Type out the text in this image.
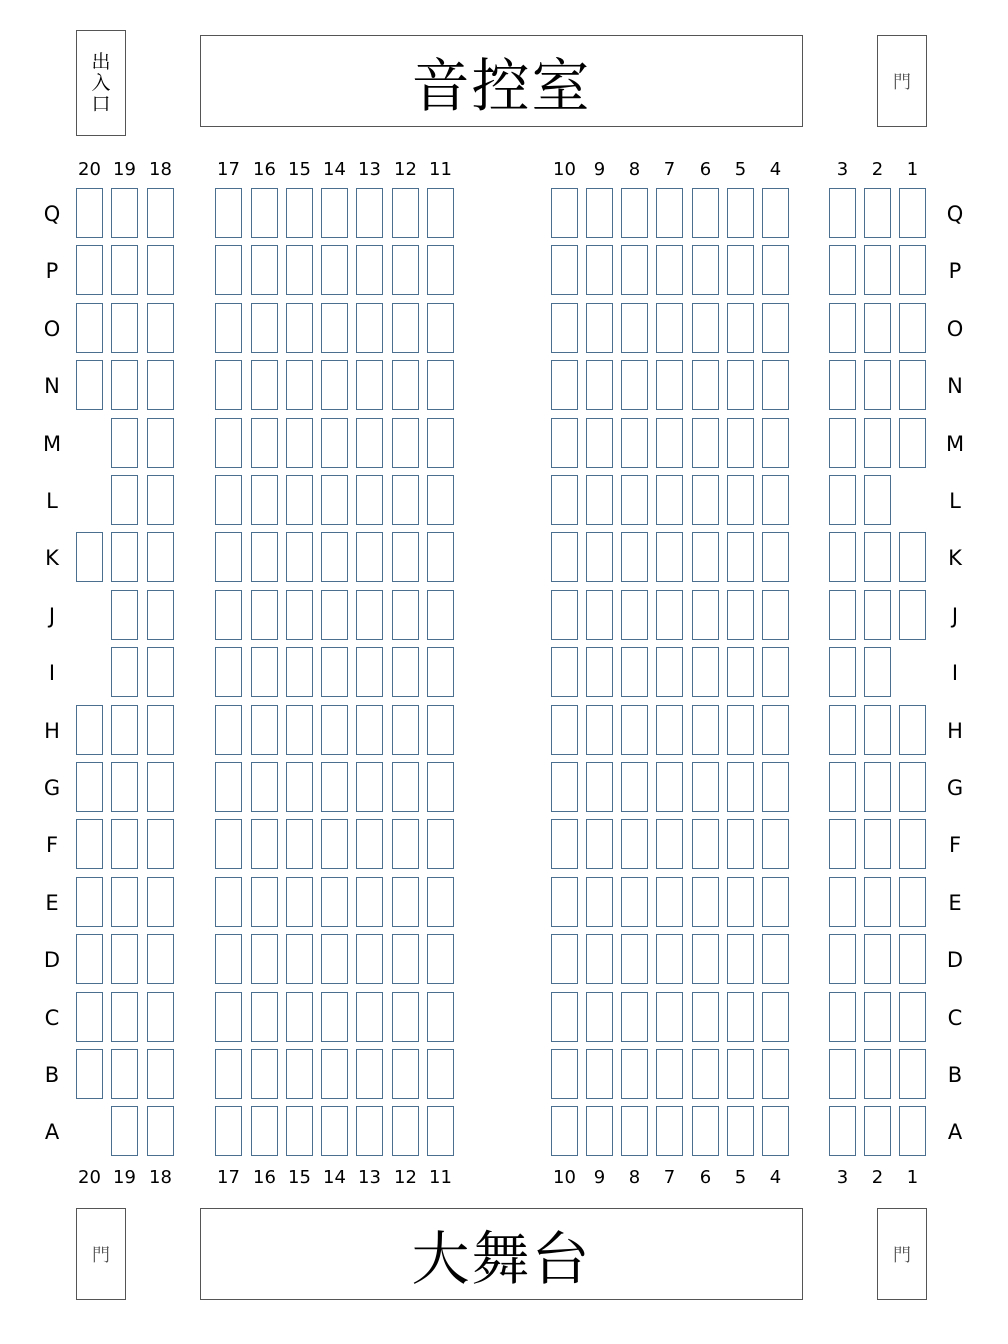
出
入
口	音控室	門
20
20
19
19
18
18
17
17
16
16
15
15
14
14
13
13
12
12
11
11
10
10
9
9
8
8
7
7
6
6
5
5
4
4
3
3
2
2
1
1
Q	Q
P	P
O	O
N	N
M	M
L	L
K	K
J	J
I	I
H	H
G	G
F	F
E	E
D	D
C	C
B	B
A	A
門	大舞台	門
